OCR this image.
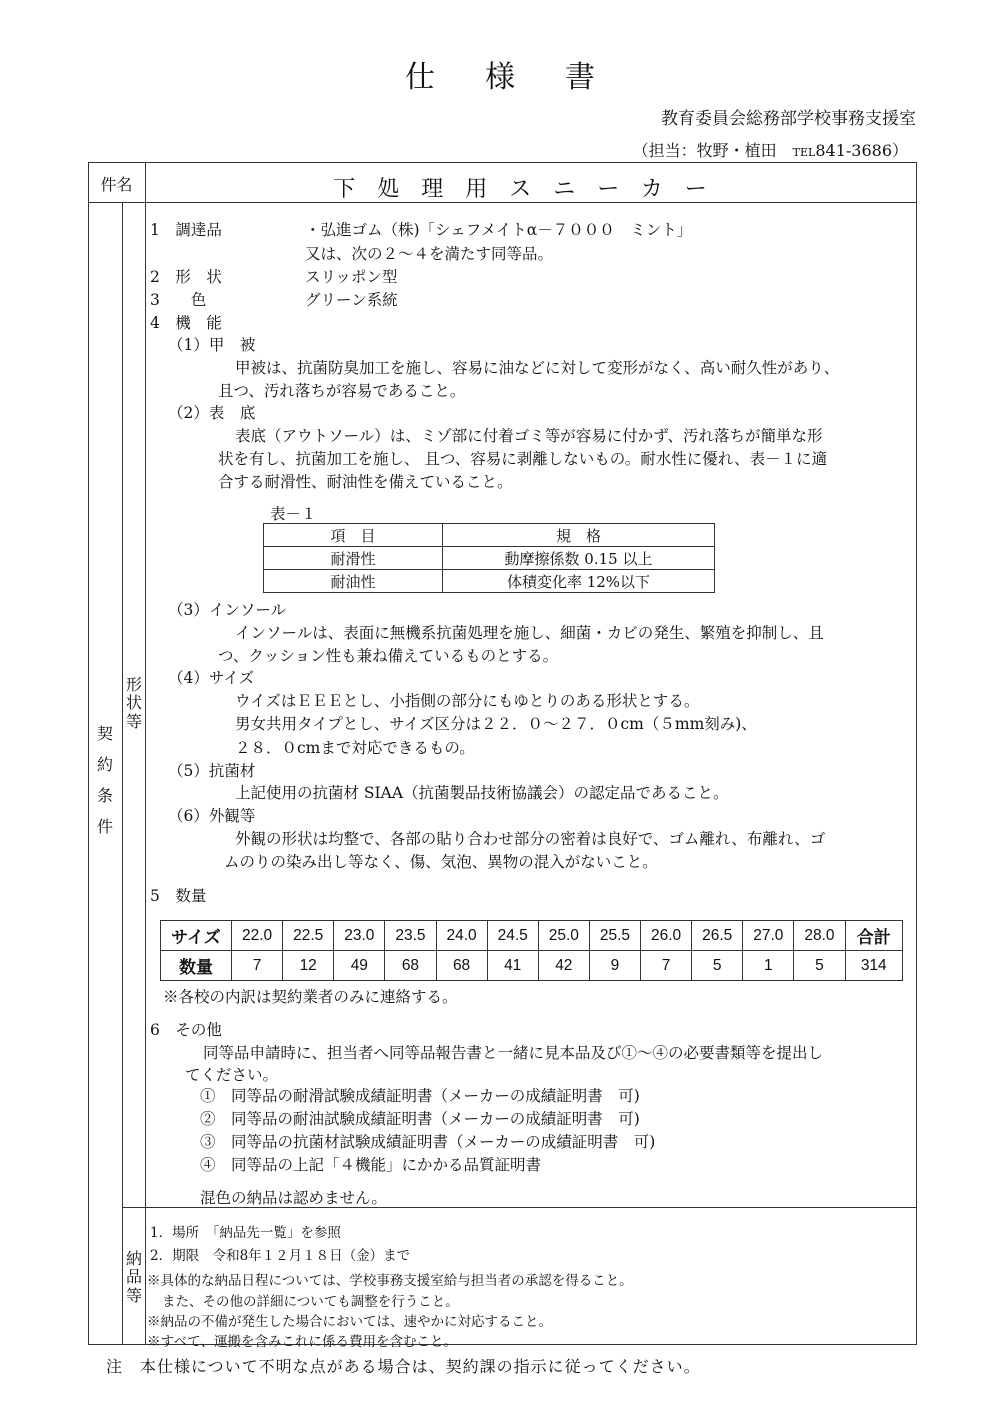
仕様書
教育委員会総務部学校事務支援室
（担当：牧野・植田　TEL841-3686）
件名	下処理用スニーカー
契
約
条
件
形
状
等
納
品
等
1　調達品	・弘進ゴム（株)「シェフメイトα－７０００　ミント」
又は、次の２～４を満たす同等品。
2　形　状	スリッポン型
3　　色	グリーン系統
4　機　能
（1）甲　被
甲被は、抗菌防臭加工を施し、容易に油などに対して変形がなく、高い耐久性があり、
且つ、汚れ落ちが容易であること。
（2）表　底
表底（アウトソール）は、ミゾ部に付着ゴミ等が容易に付かず、汚れ落ちが簡単な形
状を有し、抗菌加工を施し、 且つ、容易に剥離しないもの。耐水性に優れ、表－１に適
合する耐滑性、耐油性を備えていること。
表－１
項　目	規　格
耐滑性	動摩擦係数 0.15 以上
耐油性	体積変化率 12%以下
（3）インソール
インソールは、表面に無機系抗菌処理を施し、細菌・カビの発生、繁殖を抑制し、且
つ、クッション性も兼ね備えているものとする。
（4）サイズ
ウイズはＥＥＥとし、小指側の部分にもゆとりのある形状とする。
男女共用タイプとし、サイズ区分は２２．０～２７．０cm（５mm刻み)、
２８．０cmまで対応できるもの。
（5）抗菌材
上記使用の抗菌材 SIAA（抗菌製品技術協議会）の認定品であること。
（6）外観等
外観の形状は均整で、各部の貼り合わせ部分の密着は良好で、ゴム離れ、布離れ、ゴ
ムのりの染み出し等なく、傷、気泡、異物の混入がないこと。
5　数量
サイズ	22.0	22.5	23.0	23.5	24.0	24.5	25.0	25.5	26.0	26.5	27.0	28.0	合計
数量	7	12	49	68	68	41	42	9	7	5	1	5	314
※各校の内訳は契約業者のみに連絡する。
6　その他
同等品申請時に、担当者へ同等品報告書と一緒に見本品及び①～④の必要書類等を提出し
てください。
①　同等品の耐滑試験成績証明書（メーカーの成績証明書　可)
②　同等品の耐油試験成績証明書（メーカーの成績証明書　可)
③　同等品の抗菌材試験成績証明書（メーカーの成績証明書　可)
④　同等品の上記「４機能」にかかる品質証明書
混色の納品は認めません。
1．場所　「納品先一覧」を参照
2．期限　令和8年１２月１８日（金）まで
※具体的な納品日程については、学校事務支援室給与担当者の承認を得ること。
また、その他の詳細についても調整を行うこと。
※納品の不備が発生した場合においては、速やかに対応すること。
※すべて、運搬を含みこれに係る費用を含むこと。
注　本仕様について不明な点がある場合は、契約課の指示に従ってください。
